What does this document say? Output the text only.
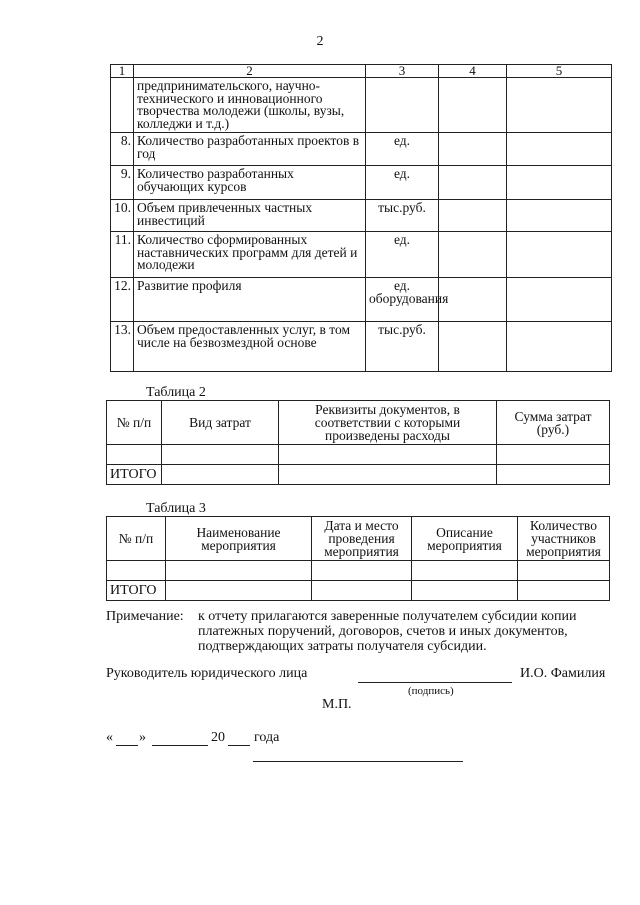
2
1	2	3	4	5
	предпринимательского, научно-технического и инновационного творчества молодежи (школы, вузы, колледжи и т.д.)			
8.	Количество разработанных проектов в год	ед.		
9.	Количество разработанных обучающих курсов	ед.		
10.	Объем привлеченных частных инвестиций	тыс.руб.		
11.	Количество сформированных наставнических программ для детей и молодежи	ед.		
12.	Развитие профиля	ед. оборудования		
13.	Объем предоставленных услуг, в том числе на безвозмездной основе	тыс.руб.		
Таблица 2
№ п/п	Вид затрат	Реквизиты документов, в соответствии с которыми произведены расходы	Сумма затрат (руб.)

ИТОГО			
Таблица 3
№ п/п	Наименование мероприятия	Дата и место проведения мероприятия	Описание мероприятия	Количество участников мероприятия

ИТОГО				
Примечание: к отчету прилагаются заверенные получателем субсидии копии платежных поручений, договоров, счетов и иных документов, подтверждающих затраты получателя субсидии.
Руководитель юридического лица	И.О. Фамилия
(подпись)
М.П.
« »	20 года
